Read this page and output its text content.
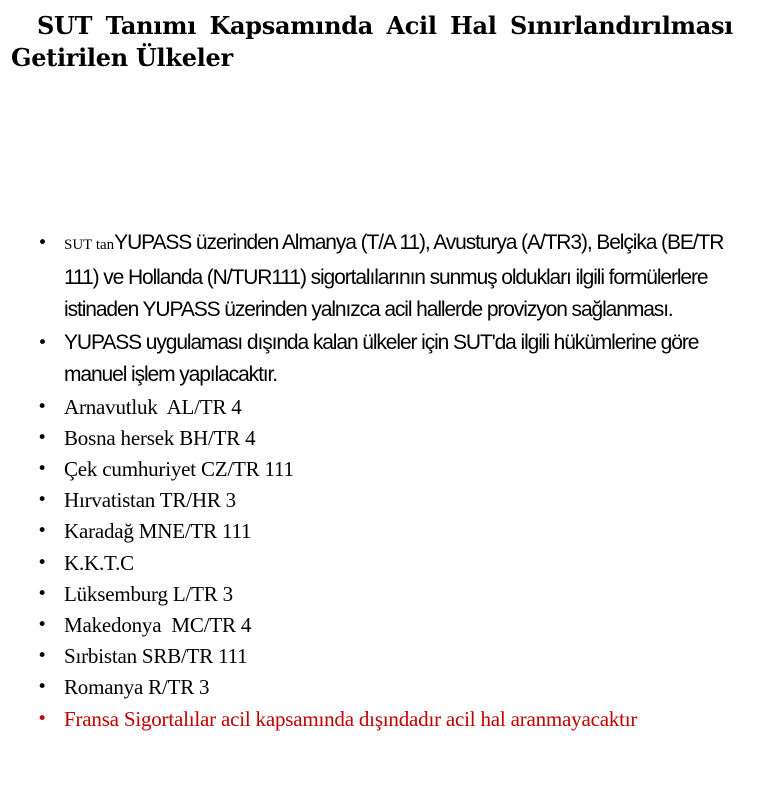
SUT Tanımı Kapsamında Acil Hal Sınırlandırılması Getirilen Ülkeler
• SUT tanYUPASS üzerinden Almanya (T/A 11), Avusturya (A/TR3), Belçika (BE/TR 111) ve Hollanda (N/TUR111) sigortalılarının sunmuş oldukları ilgili formülerlere istinaden YUPASS üzerinden yalnızca acil hallerde provizyon sağlanması.
• YUPASS uygulaması dışında kalan ülkeler için SUT'da ilgili hükümlerine göre manuel işlem yapılacaktır.
• Arnavutluk  AL/TR 4
• Bosna hersek BH/TR 4
• Çek cumhuriyet CZ/TR 111
• Hırvatistan TR/HR 3
• Karadağ MNE/TR 111
• K.K.T.C
• Lüksemburg L/TR 3
• Makedonya  MC/TR 4
• Sırbistan SRB/TR 111
• Romanya R/TR 3
• Fransa Sigortalılar acil kapsamında dışındadır acil hal aranmayacaktır
